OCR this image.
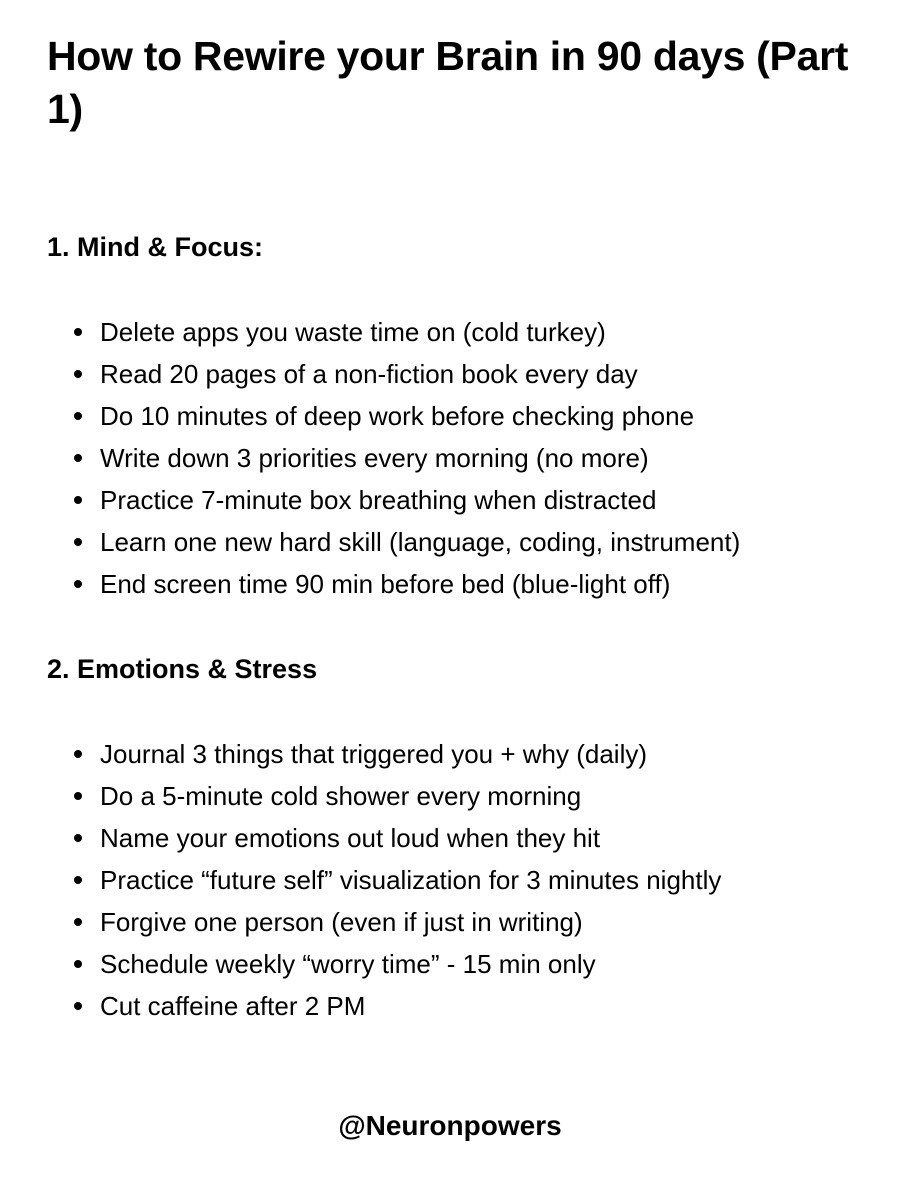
How to Rewire your Brain in 90 days (Part 1)
1. Mind & Focus:
Delete apps you waste time on (cold turkey)
Read 20 pages of a non-fiction book every day
Do 10 minutes of deep work before checking phone
Write down 3 priorities every morning (no more)
Practice 7-minute box breathing when distracted
Learn one new hard skill (language, coding, instrument)
End screen time 90 min before bed (blue-light off)
2. Emotions & Stress
Journal 3 things that triggered you + why (daily)
Do a 5-minute cold shower every morning
Name your emotions out loud when they hit
Practice “future self” visualization for 3 minutes nightly
Forgive one person (even if just in writing)
Schedule weekly “worry time” - 15 min only
Cut caffeine after 2 PM

@Neuronpowers
